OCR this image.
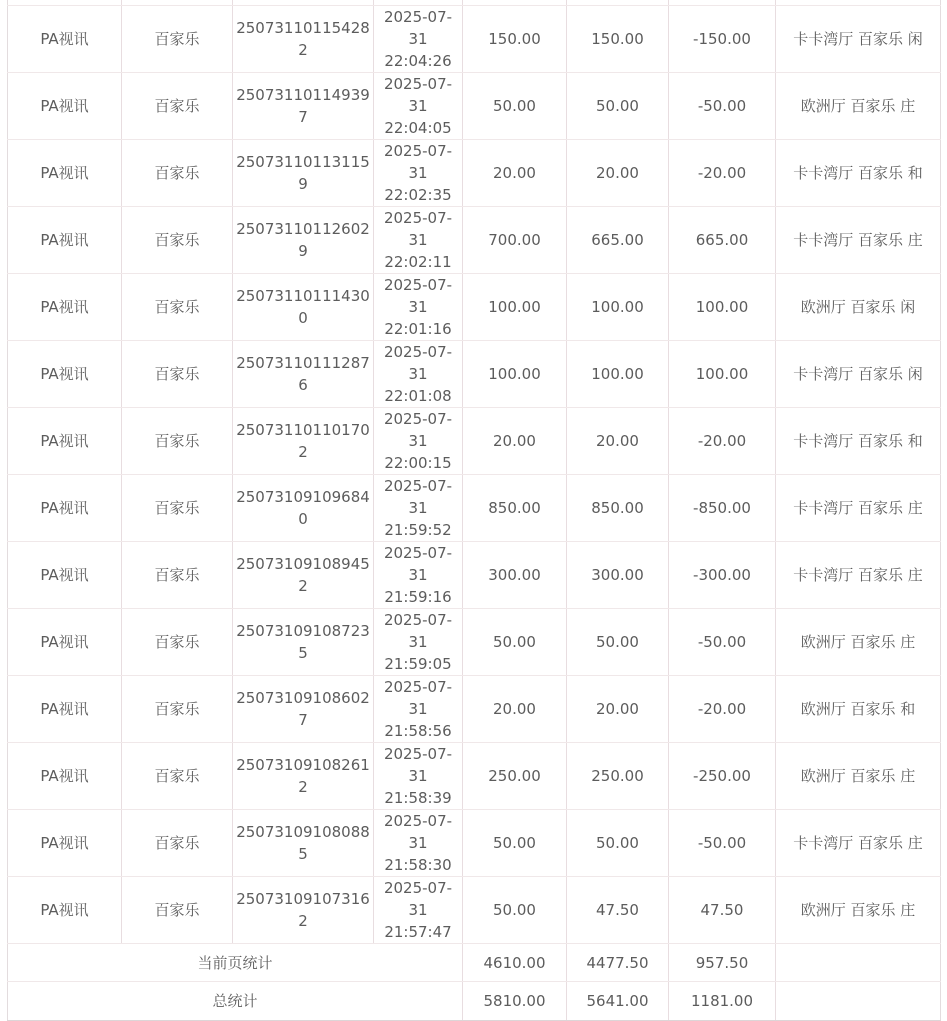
PA视讯	百家乐	250731101154282	2025-07-31 22:04:26	150.00	150.00	-150.00	卡卡湾厅 百家乐 闲
PA视讯	百家乐	250731101149397	2025-07-31 22:04:05	50.00	50.00	-50.00	欧洲厅 百家乐 庄
PA视讯	百家乐	250731101131159	2025-07-31 22:02:35	20.00	20.00	-20.00	卡卡湾厅 百家乐 和
PA视讯	百家乐	250731101126029	2025-07-31 22:02:11	700.00	665.00	665.00	卡卡湾厅 百家乐 庄
PA视讯	百家乐	250731101114300	2025-07-31 22:01:16	100.00	100.00	100.00	欧洲厅 百家乐 闲
PA视讯	百家乐	250731101112876	2025-07-31 22:01:08	100.00	100.00	100.00	卡卡湾厅 百家乐 闲
PA视讯	百家乐	250731101101702	2025-07-31 22:00:15	20.00	20.00	-20.00	卡卡湾厅 百家乐 和
PA视讯	百家乐	250731091096840	2025-07-31 21:59:52	850.00	850.00	-850.00	卡卡湾厅 百家乐 庄
PA视讯	百家乐	250731091089452	2025-07-31 21:59:16	300.00	300.00	-300.00	卡卡湾厅 百家乐 庄
PA视讯	百家乐	250731091087235	2025-07-31 21:59:05	50.00	50.00	-50.00	欧洲厅 百家乐 庄
PA视讯	百家乐	250731091086027	2025-07-31 21:58:56	20.00	20.00	-20.00	欧洲厅 百家乐 和
PA视讯	百家乐	250731091082612	2025-07-31 21:58:39	250.00	250.00	-250.00	欧洲厅 百家乐 庄
PA视讯	百家乐	250731091080885	2025-07-31 21:58:30	50.00	50.00	-50.00	卡卡湾厅 百家乐 庄
PA视讯	百家乐	250731091073162	2025-07-31 21:57:47	50.00	47.50	47.50	欧洲厅 百家乐 庄
当前页统计				4610.00	4477.50	957.50	
总统计				5810.00	5641.00	1181.00	
